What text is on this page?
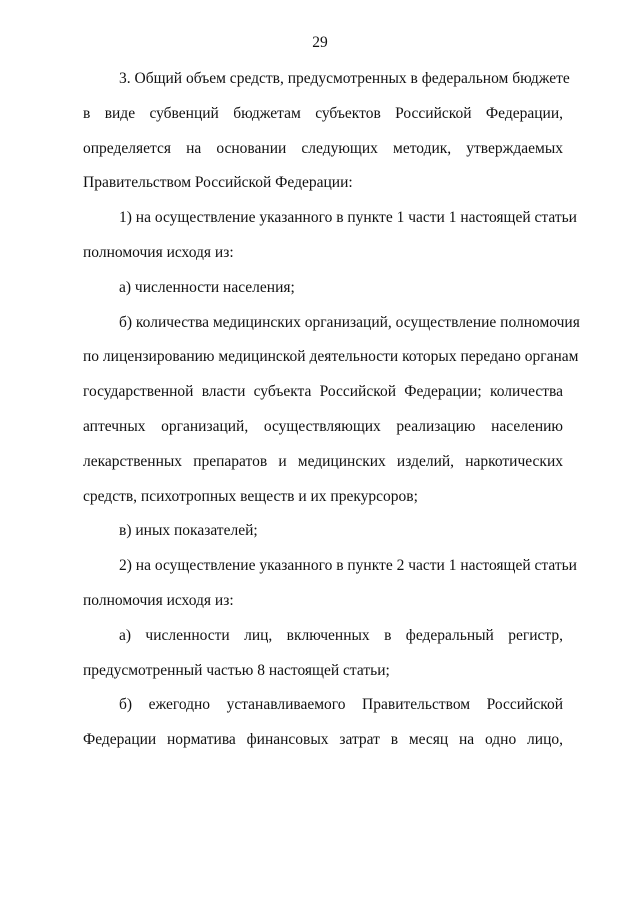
29
3. Общий объем средств, предусмотренных в федеральном бюджете
в виде субвенций бюджетам субъектов Российской Федерации,
определяется на основании следующих методик, утверждаемых
Правительством Российской Федерации:
1) на осуществление указанного в пункте 1 части 1 настоящей статьи
полномочия исходя из:
а) численности населения;
б) количества медицинских организаций, осуществление полномочия
по лицензированию медицинской деятельности которых передано органам
государственной власти субъекта Российской Федерации; количества
аптечных организаций, осуществляющих реализацию населению
лекарственных препаратов и медицинских изделий, наркотических
средств, психотропных веществ и их прекурсоров;
в) иных показателей;
2) на осуществление указанного в пункте 2 части 1 настоящей статьи
полномочия исходя из:
а) численности лиц, включенных в федеральный регистр,
предусмотренный частью 8 настоящей статьи;
б) ежегодно устанавливаемого Правительством Российской
Федерации норматива финансовых затрат в месяц на одно лицо,
